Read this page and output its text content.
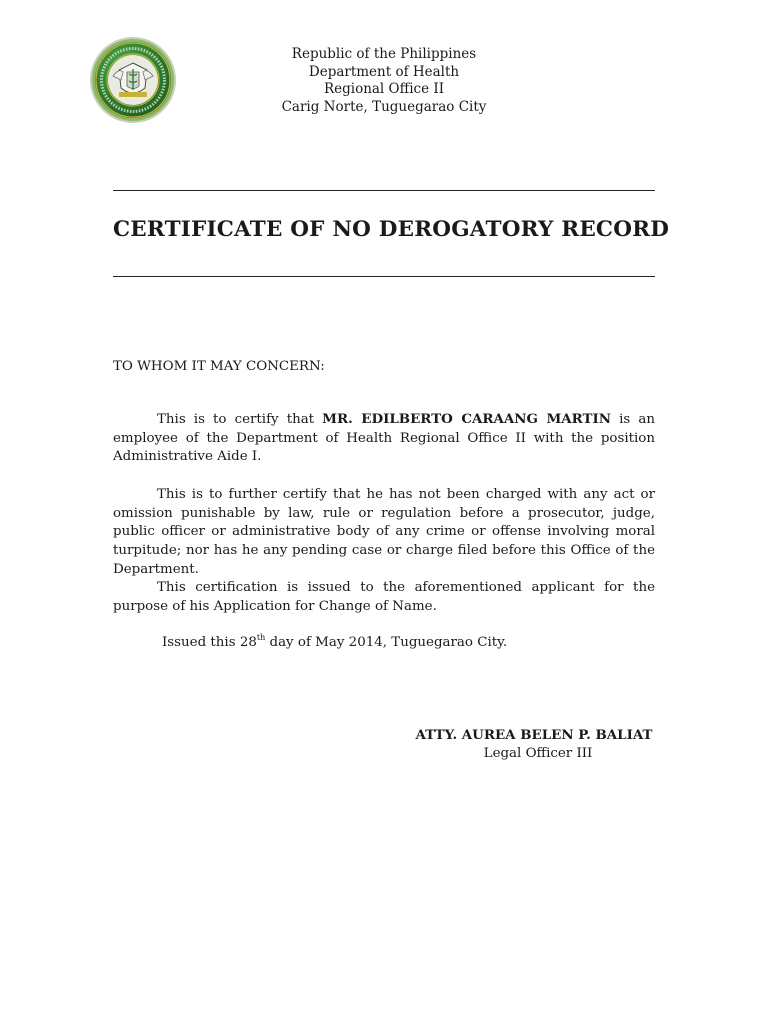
Republic of the Philippines
Department of Health
Regional Office II
Carig Norte, Tuguegarao City
CERTIFICATE OF NO DEROGATORY RECORD
TO WHOM IT MAY CONCERN:
This is to certify that MR. EDILBERTO CARAANG MARTIN is an employee of the Department of Health Regional Office II with the position Administrative Aide I.
This is to further certify that he has not been charged with any act or omission punishable by law, rule or regulation before a prosecutor, judge, public officer or administrative body of any crime or offense involving moral turpitude; nor has he any pending case or charge filed before this Office of the Department.
This certification is issued to the aforementioned applicant for the purpose of his Application for Change of Name.
Issued this 28th day of May 2014, Tuguegarao City.
ATTY. AUREA BELEN P. BALIAT
Legal Officer III
